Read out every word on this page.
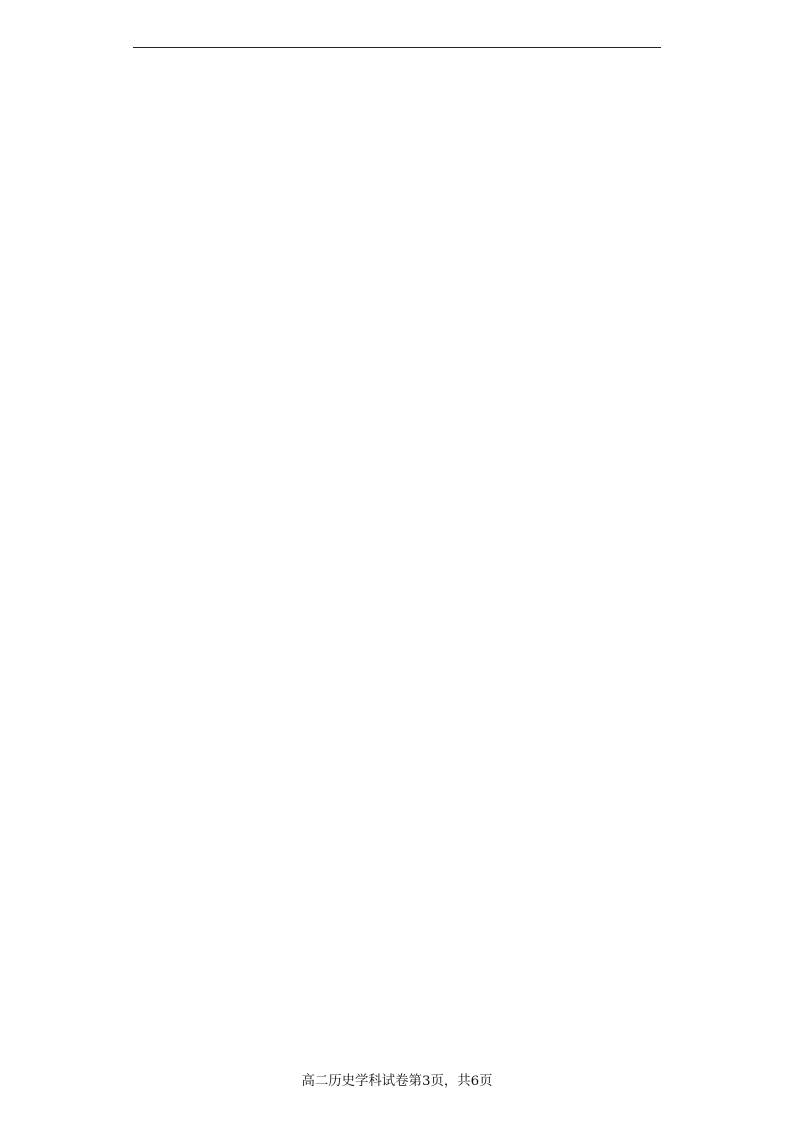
高二历史学科试卷第3页，共6页
